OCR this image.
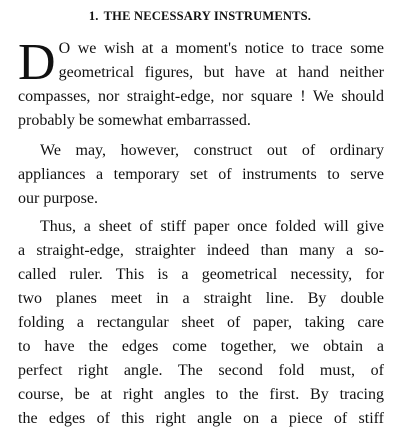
1. THE NECESSARY INSTRUMENTS.

D O we wish at a moment's notice to trace some
geometrical figures, but have at hand neither
compasses, nor straight-edge, nor square ! We should
probably be somewhat embarrassed.

We may, however, construct out of ordinary
appliances a temporary set of instruments to serve
our purpose.

Thus, a sheet of stiff paper once folded will give
a straight-edge, straighter indeed than many a so-
called ruler. This is a geometrical necessity, for
two planes meet in a straight line. By double
folding a rectangular sheet of paper, taking care
to have the edges come together, we obtain a
perfect right angle. The second fold must, of
course, be at right angles to the first. By tracing
the edges of this right angle on a piece of stiff
